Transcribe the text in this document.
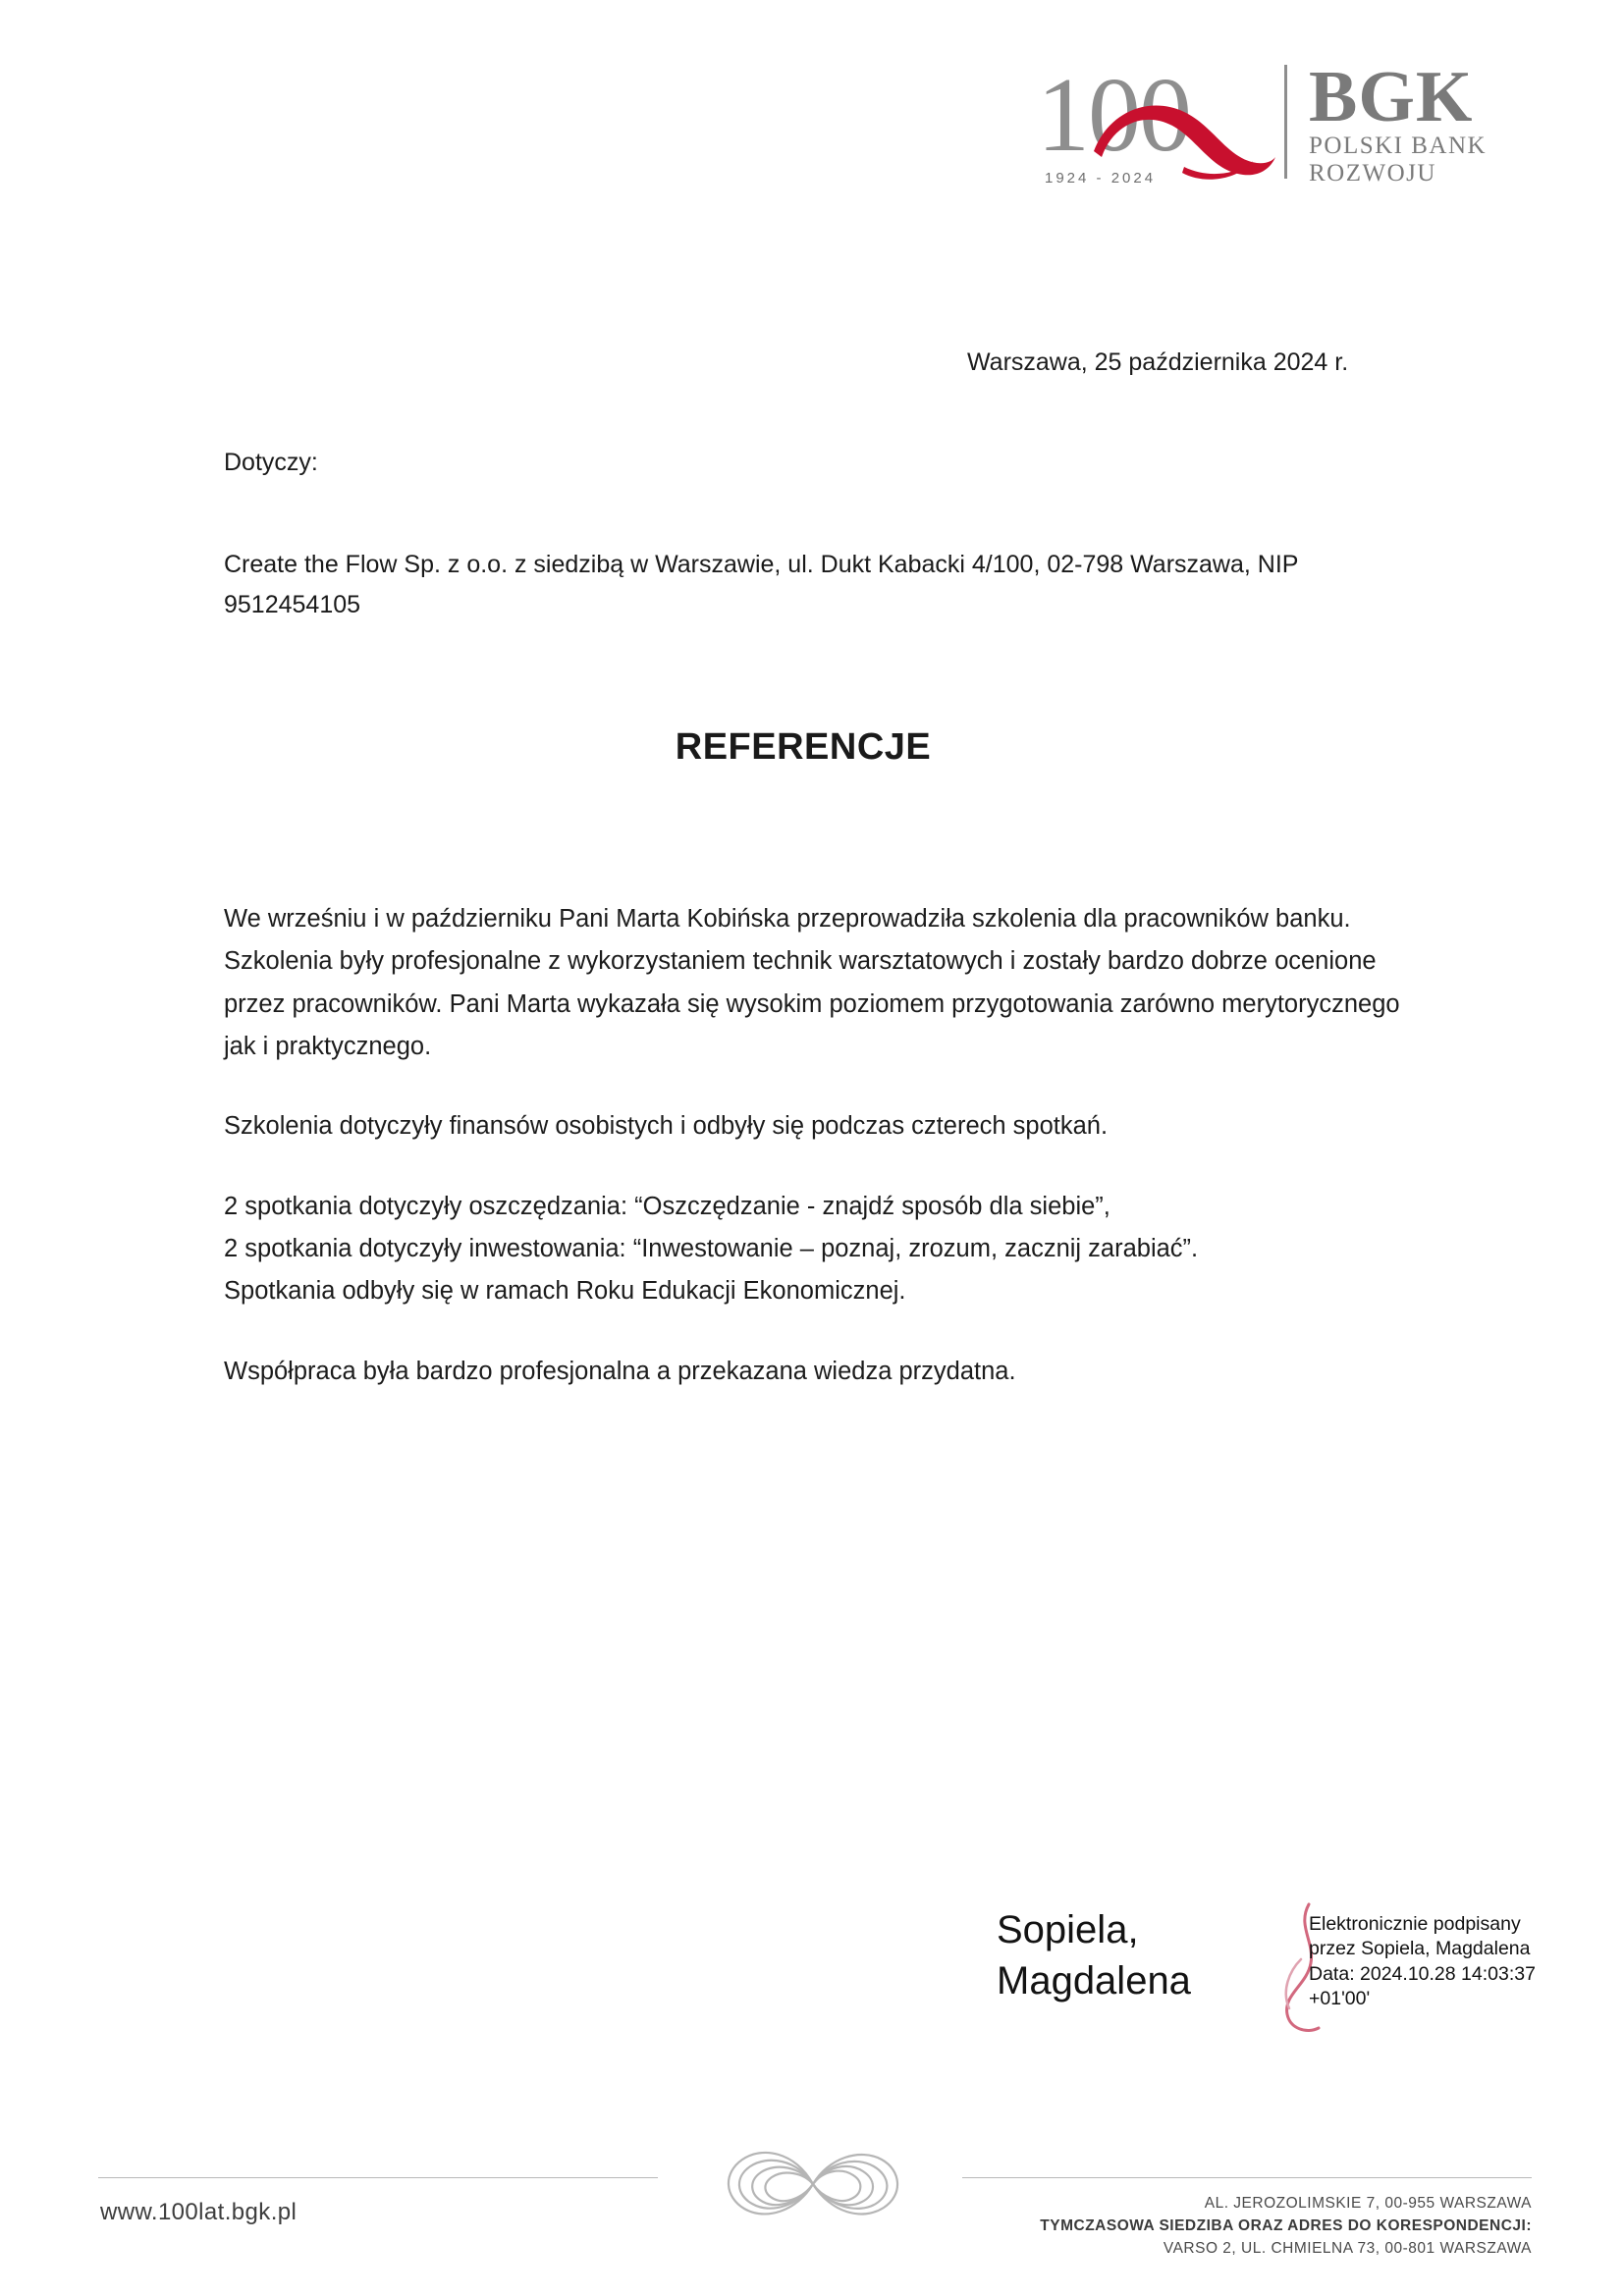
100
1924 - 2024
BGK
POLSKI BANK
ROZWOJU
Warszawa, 25 października 2024 r.
Dotyczy:
Create the Flow Sp. z o.o. z siedzibą w Warszawie, ul. Dukt Kabacki 4/100, 02-798 Warszawa, NIP 9512454105
REFERENCJE

We wrześniu i w październiku Pani Marta Kobińska przeprowadziła szkolenia dla pracowników banku. Szkolenia były profesjonalne z wykorzystaniem technik warsztatowych i zostały bardzo dobrze ocenione przez pracowników. Pani Marta wykazała się wysokim poziomem przygotowania zarówno merytorycznego jak i praktycznego.

Szkolenia dotyczyły finansów osobistych i odbyły się podczas czterech spotkań.

2 spotkania dotyczyły oszczędzania: “Oszczędzanie - znajdź sposób dla siebie”,

2 spotkania dotyczyły inwestowania: “Inwestowanie – poznaj, zrozum, zacznij zarabiać”.

Spotkania odbyły się w ramach Roku Edukacji Ekonomicznej.

Współpraca była bardzo profesjonalna a przekazana wiedza przydatna.

Sopiela,
Magdalena
Elektronicznie podpisany
przez Sopiela, Magdalena
Data: 2024.10.28 14:03:37
+01'00'
www.100lat.bgk.pl	AL. JEROZOLIMSKIE 7, 00-955 WARSZAWA
TYMCZASOWA SIEDZIBA ORAZ ADRES DO KORESPONDENCJI:
VARSO 2, UL. CHMIELNA 73, 00-801 WARSZAWA
